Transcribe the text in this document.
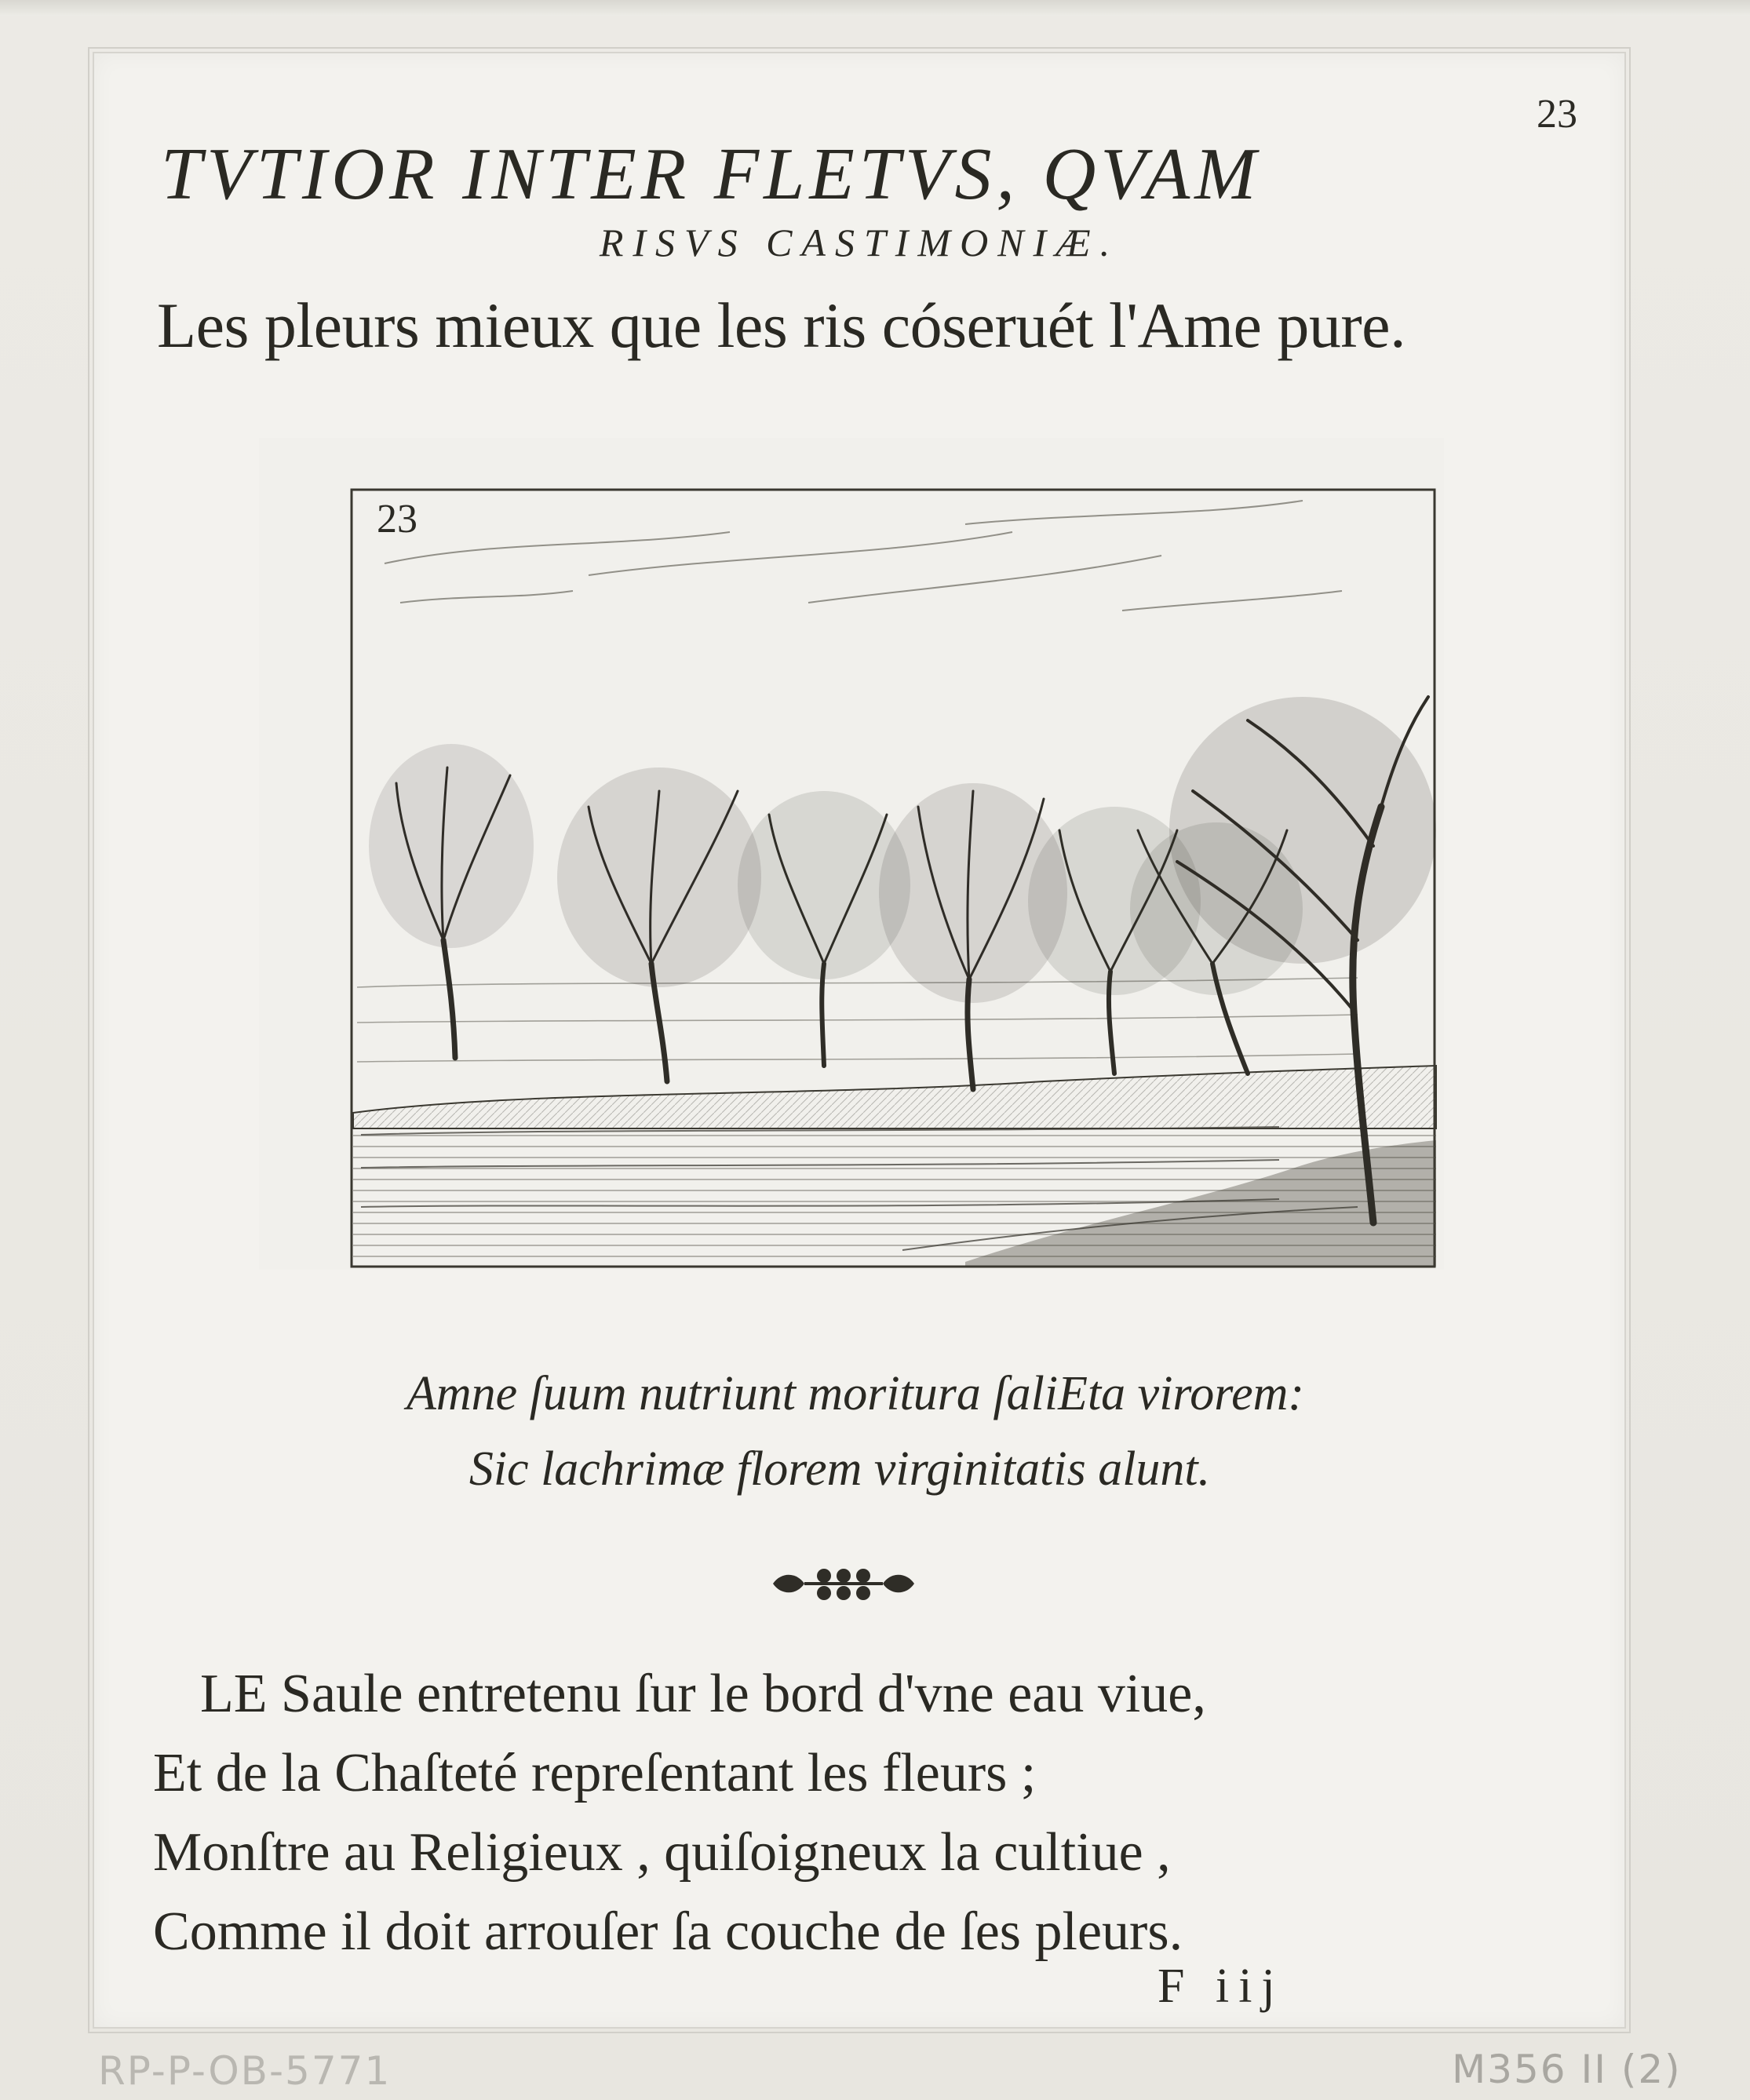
23
TVTIOR INTER FLETVS, QVAM
RISVS CASTIMONIÆ.
Les pleurs mieux que les ris cóseruét l'Ame pure.
23
Amne ſuum nutriunt moritura ſaliEta virorem:
Sic lachrimæ florem virginitatis alunt.
LE Saule entretenu ſur le bord d'vne eau viue,
Et de la Chaſteté repreſentant les fleurs ;
Monſtre au Religieux , quiſoigneux la cultiue ,
Comme il doit arrouſer ſa couche de ſes pleurs.
F iij
RP-P-OB-5771	M356 II (2)
